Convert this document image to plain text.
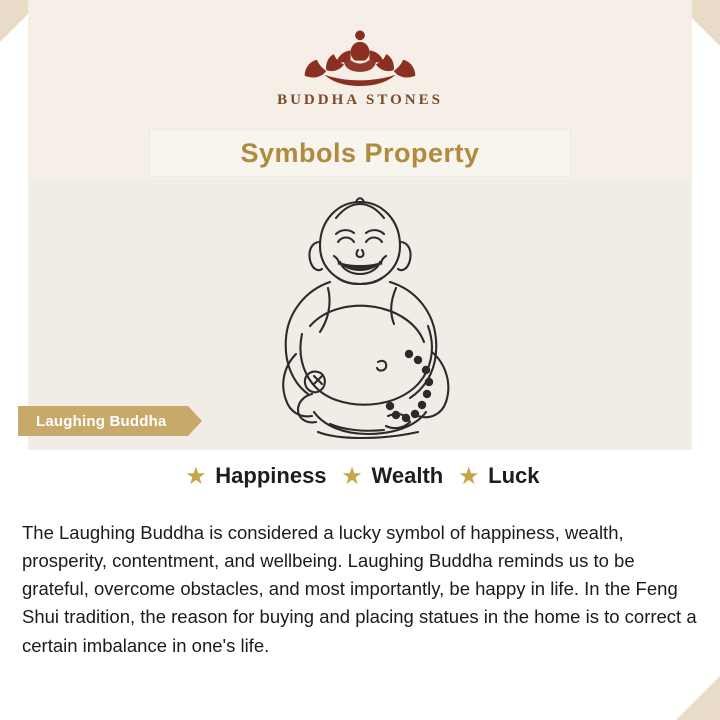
BUDDHA STONES
Symbols Property
Laughing Buddha
★ Happiness ★ Wealth ★ Luck

The Laughing Buddha is considered a lucky symbol of happiness, wealth, prosperity, contentment, and wellbeing. Laughing Buddha reminds us to be grateful, overcome obstacles, and most importantly, be happy in life. In the Feng Shui tradition, the reason for buying and placing statues in the home is to correct a certain imbalance in one's life.
